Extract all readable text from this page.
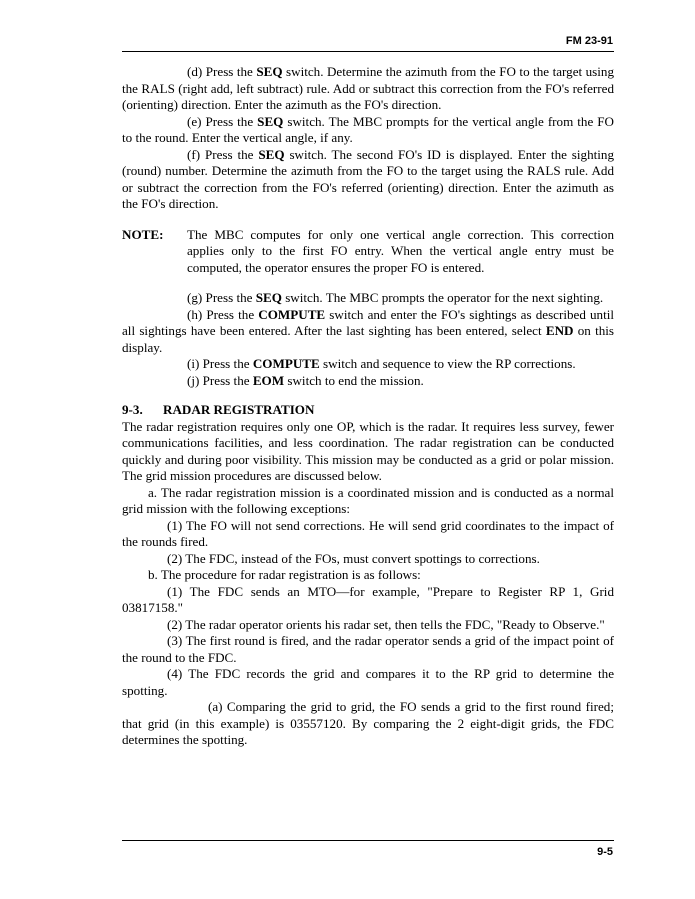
FM 23-91

(d) Press the SEQ switch. Determine the azimuth from the FO to the target using the RALS (right add, left subtract) rule. Add or subtract this correction from the FO's referred (orienting) direction. Enter the azimuth as the FO's direction.

(e) Press the SEQ switch. The MBC prompts for the vertical angle from the FO to the round. Enter the vertical angle, if any.

(f) Press the SEQ switch. The second FO's ID is displayed. Enter the sighting (round) number. Determine the azimuth from the FO to the target using the RALS rule. Add or subtract the correction from the FO's referred (orienting) direction. Enter the azimuth as the FO's direction.

NOTE:	The MBC computes for only one vertical angle correction. This correction applies only to the first FO entry. When the vertical angle entry must be computed, the operator ensures the proper FO is entered.

(g) Press the SEQ switch. The MBC prompts the operator for the next sighting.

(h) Press the COMPUTE switch and enter the FO's sightings as described until all sightings have been entered. After the last sighting has been entered, select END on this display.

(i) Press the COMPUTE switch and sequence to view the RP corrections.

(j) Press the EOM switch to end the mission.

9-3. RADAR REGISTRATION

The radar registration requires only one OP, which is the radar. It requires less survey, fewer communications facilities, and less coordination. The radar registration can be conducted quickly and during poor visibility. This mission may be conducted as a grid or polar mission. The grid mission procedures are discussed below.

a. The radar registration mission is a coordinated mission and is conducted as a normal grid mission with the following exceptions:

(1) The FO will not send corrections. He will send grid coordinates to the impact of the rounds fired.

(2) The FDC, instead of the FOs, must convert spottings to corrections.

b. The procedure for radar registration is as follows:

(1) The FDC sends an MTO—for example, "Prepare to Register RP 1, Grid 03817158."

(2) The radar operator orients his radar set, then tells the FDC, "Ready to Observe."

(3) The first round is fired, and the radar operator sends a grid of the impact point of the round to the FDC.

(4) The FDC records the grid and compares it to the RP grid to determine the spotting.

(a) Comparing the grid to grid, the FO sends a grid to the first round fired; that grid (in this example) is 03557120. By comparing the 2 eight-digit grids, the FDC determines the spotting.

9-5
